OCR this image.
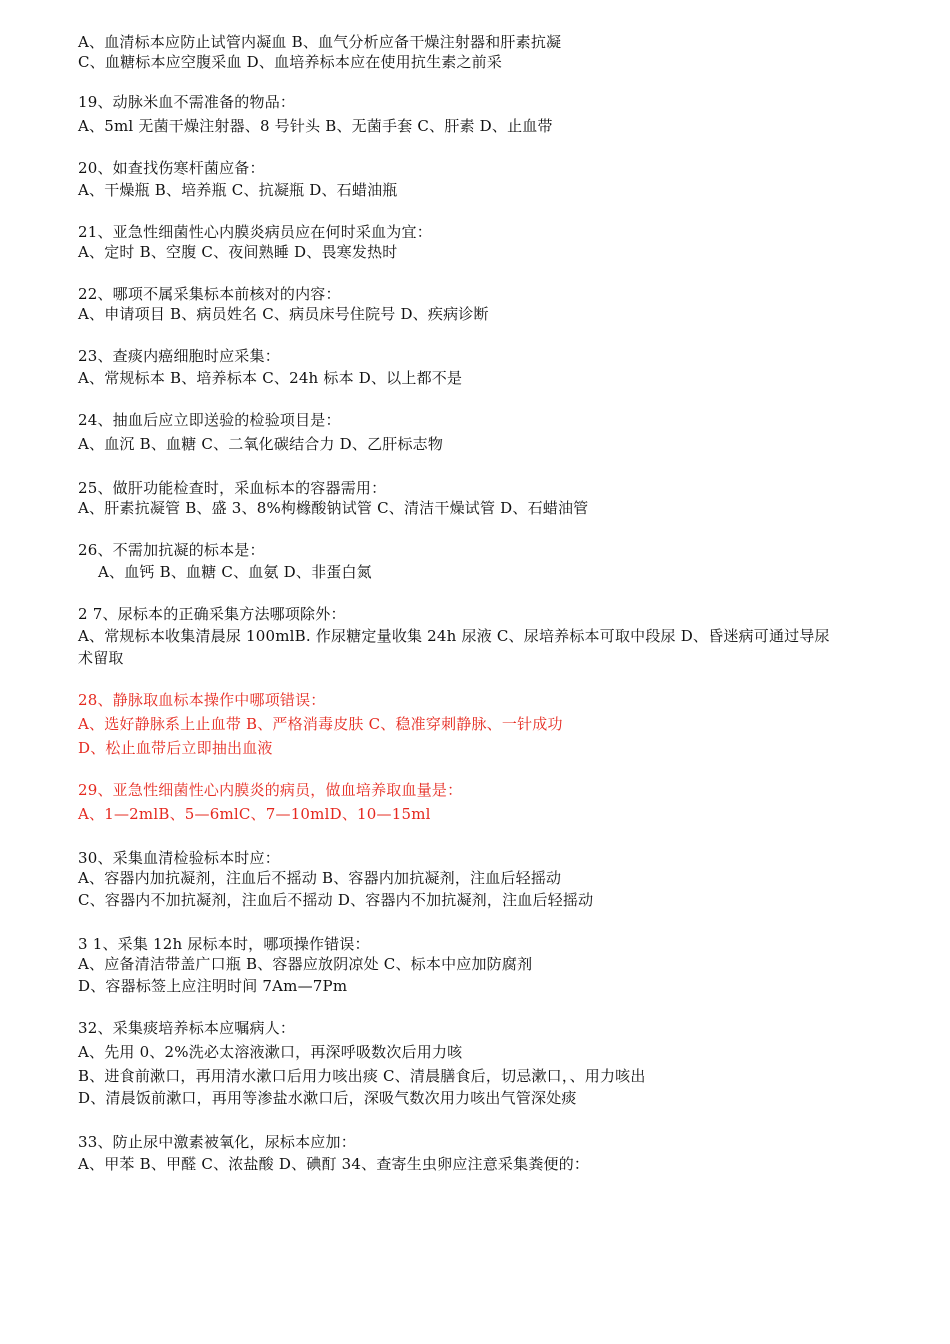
A、血清标本应防止试管内凝血 B、血气分析应备干燥注射器和肝素抗凝
C、血糖标本应空腹采血 D、血培养标本应在使用抗生素之前采
19、动脉米血不需准备的物品：
A、5ml 无菌干燥注射器、8 号针头 B、无菌手套 C、肝素 D、止血带
20、如查找伤寒杆菌应备：
A、干燥瓶 B、培养瓶 C、抗凝瓶 D、石蜡油瓶
21、亚急性细菌性心内膜炎病员应在何时采血为宜：
A、定时 B、空腹 C、夜间熟睡 D、畏寒发热时
22、哪项不属采集标本前核对的内容：
A、申请项目 B、病员姓名 C、病员床号住院号 D、疾病诊断
23、查痰内癌细胞时应采集：
A、常规标本 B、培养标本 C、24h 标本 D、以上都不是
24、抽血后应立即送验的检验项目是：
A、血沉 B、血糖 C、二氧化碳结合力 D、乙肝标志物
25、做肝功能检查时，采血标本的容器需用：
A、肝素抗凝管 B、盛 3、8%枸橼酸钠试管 C、清洁干燥试管 D、石蜡油管
26、不需加抗凝的标本是：
A、血钙 B、血糖 C、血氨 D、非蛋白氮
2 7、尿标本的正确采集方法哪项除外：
A、常规标本收集清晨尿 100mlB. 作尿糖定量收集 24h 尿液 C、尿培养标本可取中段尿 D、昏迷病可通过导尿
术留取
28、静脉取血标本操作中哪项错误：
A、选好静脉系上止血带 B、严格消毒皮肤 C、稳准穿刺静脉、一针成功
D、松止血带后立即抽出血液
29、亚急性细菌性心内膜炎的病员，做血培养取血量是：
A、1—2mlB、5—6mlC、7—10mlD、10—15ml
30、采集血清检验标本时应：
A、容器内加抗凝剂，注血后不摇动 B、容器内加抗凝剂，注血后轻摇动
C、容器内不加抗凝剂，注血后不摇动 D、容器内不加抗凝剂，注血后轻摇动
3 1、采集 12h 尿标本时，哪项操作错误：
A、应备清洁带盖广口瓶 B、容器应放阴凉处 C、标本中应加防腐剂
D、容器标签上应注明时间 7Am—7Pm
32、采集痰培养标本应嘱病人：
A、先用 0、2%洗必太溶液漱口，再深呼吸数次后用力咳
B、进食前漱口，再用清水漱口后用力咳出痰 C、清晨膳食后，切忌漱口，、用力咳出
D、清晨饭前漱口，再用等渗盐水漱口后，深吸气数次用力咳出气管深处痰
33、防止尿中激素被氧化，尿标本应加：
A、甲苯 B、甲醛 C、浓盐酸 D、碘酊 34、查寄生虫卵应注意采集粪便的：
